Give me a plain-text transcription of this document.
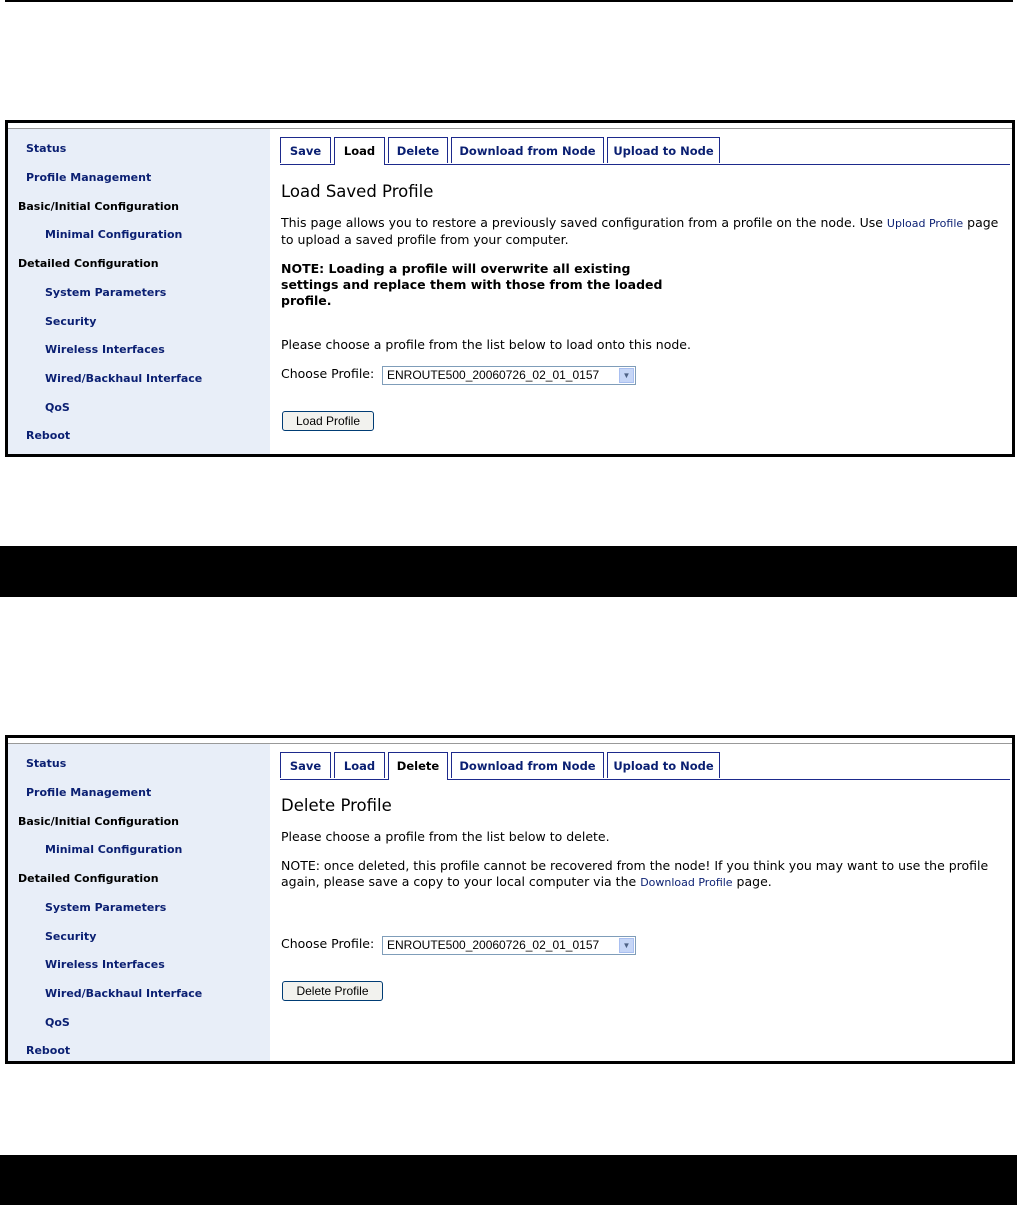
Status
Profile Management
Basic/Initial Configuration
Minimal Configuration
Detailed Configuration
System Parameters
Security
Wireless Interfaces
Wired/Backhaul Interface
QoS
Reboot
Save	Load	Delete	Download from Node	Upload to Node
Load Saved Profile
This page allows you to restore a previously saved configuration from a profile on the node. Use Upload Profile page to upload a saved profile from your computer.
NOTE: Loading a profile will overwrite all existing settings and replace them with those from the loaded profile.
Please choose a profile from the list below to load onto this node.
Choose Profile:	ENROUTE500_20060726_02_01_0157	▼
Load Profile
Status
Profile Management
Basic/Initial Configuration
Minimal Configuration
Detailed Configuration
System Parameters
Security
Wireless Interfaces
Wired/Backhaul Interface
QoS
Reboot
Save	Load	Delete	Download from Node	Upload to Node
Delete Profile
Please choose a profile from the list below to delete.
NOTE: once deleted, this profile cannot be recovered from the node! If you think you may want to use the profile again, please save a copy to your local computer via the Download Profile page.
Choose Profile:	ENROUTE500_20060726_02_01_0157	▼
Delete Profile
